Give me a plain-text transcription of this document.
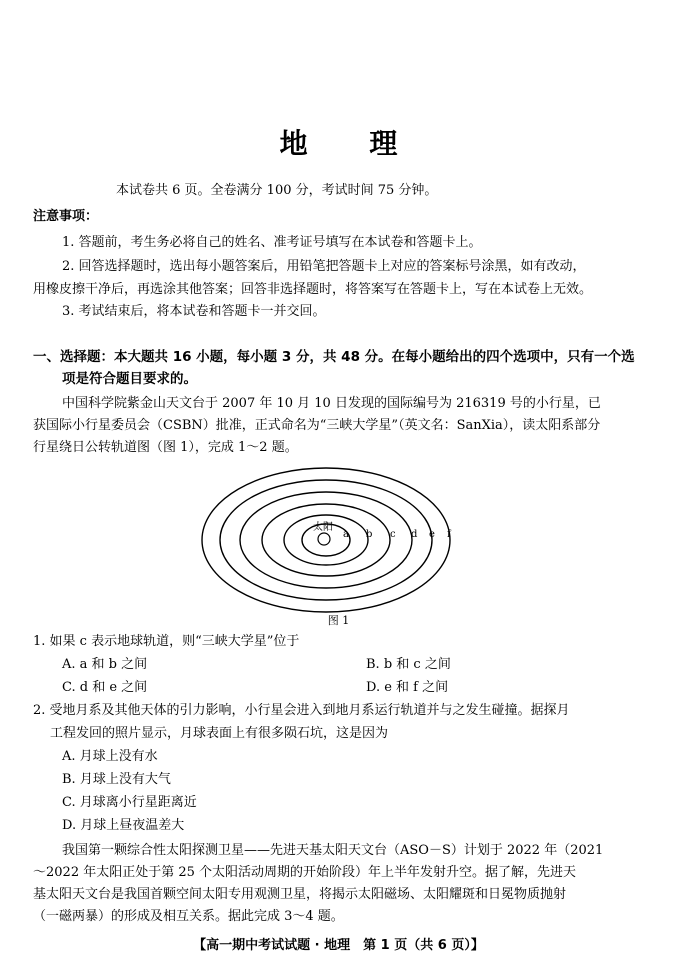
地 理
本试卷共 6 页。全卷满分 100 分，考试时间 75 分钟。
注意事项：
1. 答题前，考生务必将自己的姓名、准考证号填写在本试卷和答题卡上。
2. 回答选择题时，选出每小题答案后，用铅笔把答题卡上对应的答案标号涂黑，如有改动，
用橡皮擦干净后，再选涂其他答案；回答非选择题时，将答案写在答题卡上，写在本试卷上无效。
3. 考试结束后，将本试卷和答题卡一并交回。
一、选择题：本大题共 16 小题，每小题 3 分，共 48 分。在每小题给出的四个选项中，只有一个选
项是符合题目要求的。
中国科学院紫金山天文台于 2007 年 10 月 10 日发现的国际编号为 216319 号的小行星，已
获国际小行星委员会（CSBN）批准，正式命名为“三峡大学星”（英文名：SanXia），读太阳系部分
行星绕日公转轨道图（图 1），完成 1～2 题。
太阳
a b c d e f
图 1
1. 如果 c 表示地球轨道，则“三峡大学星”位于
A. a 和 b 之间	B. b 和 c 之间
C. d 和 e 之间	D. e 和 f 之间
2. 受地月系及其他天体的引力影响，小行星会进入到地月系运行轨道并与之发生碰撞。据探月
工程发回的照片显示，月球表面上有很多陨石坑，这是因为
A. 月球上没有水
B. 月球上没有大气
C. 月球离小行星距离近
D. 月球上昼夜温差大
我国第一颗综合性太阳探测卫星——先进天基太阳天文台（ASO－S）计划于 2022 年（2021
～2022 年太阳正处于第 25 个太阳活动周期的开始阶段）年上半年发射升空。据了解，先进天
基太阳天文台是我国首颗空间太阳专用观测卫星，将揭示太阳磁场、太阳耀斑和日冕物质抛射
（一磁两暴）的形成及相互关系。据此完成 3～4 题。
【高一期中考试试题 · 地理　第 1 页（共 6 页）】
